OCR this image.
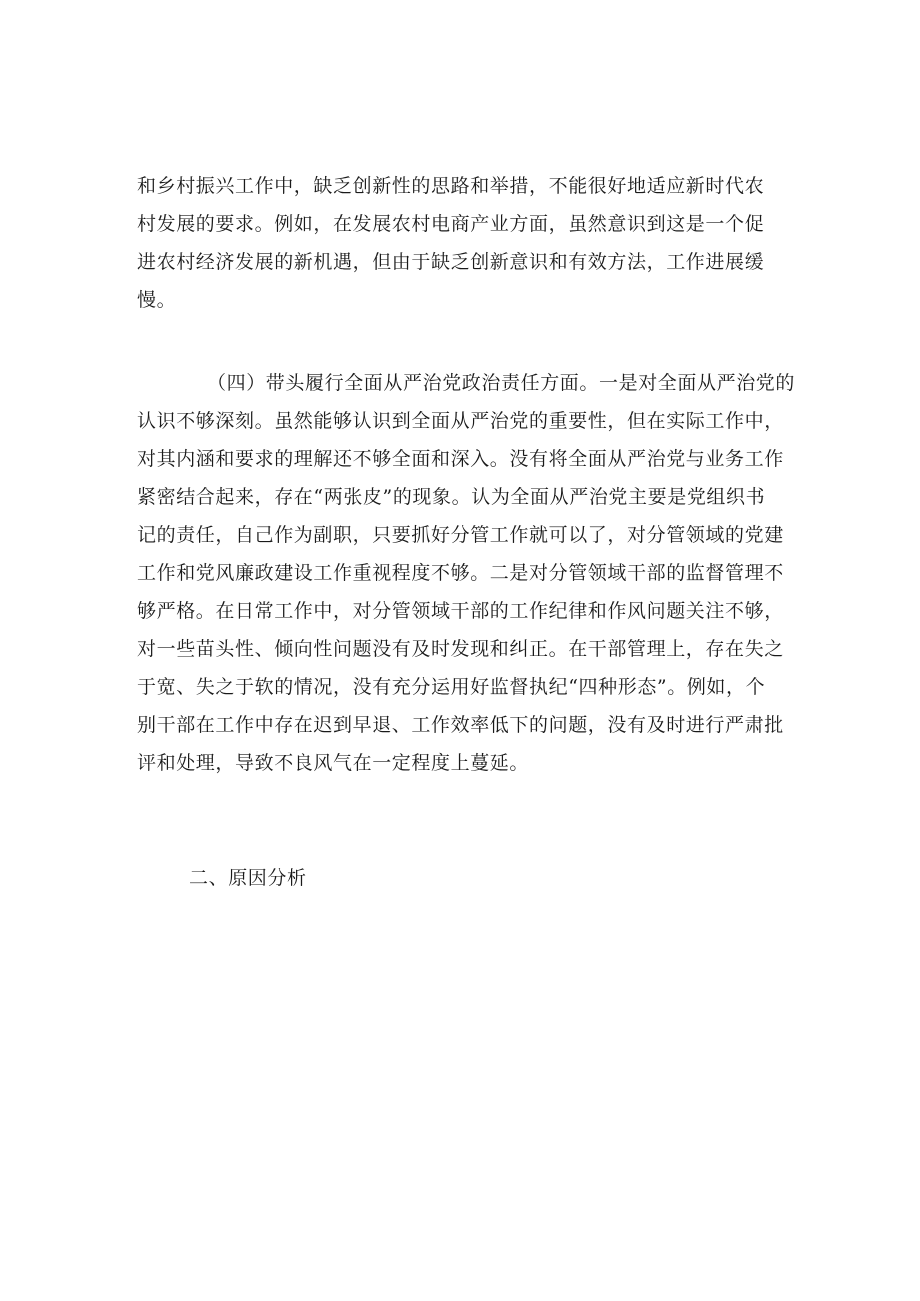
和乡村振兴工作中，缺乏创新性的思路和举措，不能很好地适应新时代农
村发展的要求。例如，在发展农村电商产业方面，虽然意识到这是一个促
进农村经济发展的新机遇，但由于缺乏创新意识和有效方法，工作进展缓
慢。
（四）带头履行全面从严治党政治责任方面。一是对全面从严治党的
认识不够深刻。虽然能够认识到全面从严治党的重要性，但在实际工作中，
对其内涵和要求的理解还不够全面和深入。没有将全面从严治党与业务工作
紧密结合起来，存在“两张皮”的现象。认为全面从严治党主要是党组织书
记的责任，自己作为副职，只要抓好分管工作就可以了，对分管领域的党建
工作和党风廉政建设工作重视程度不够。二是对分管领域干部的监督管理不
够严格。在日常工作中，对分管领域干部的工作纪律和作风问题关注不够，
对一些苗头性、倾向性问题没有及时发现和纠正。在干部管理上，存在失之
于宽、失之于软的情况，没有充分运用好监督执纪“四种形态”。例如，个
别干部在工作中存在迟到早退、工作效率低下的问题，没有及时进行严肃批
评和处理，导致不良风气在一定程度上蔓延。
二、原因分析
